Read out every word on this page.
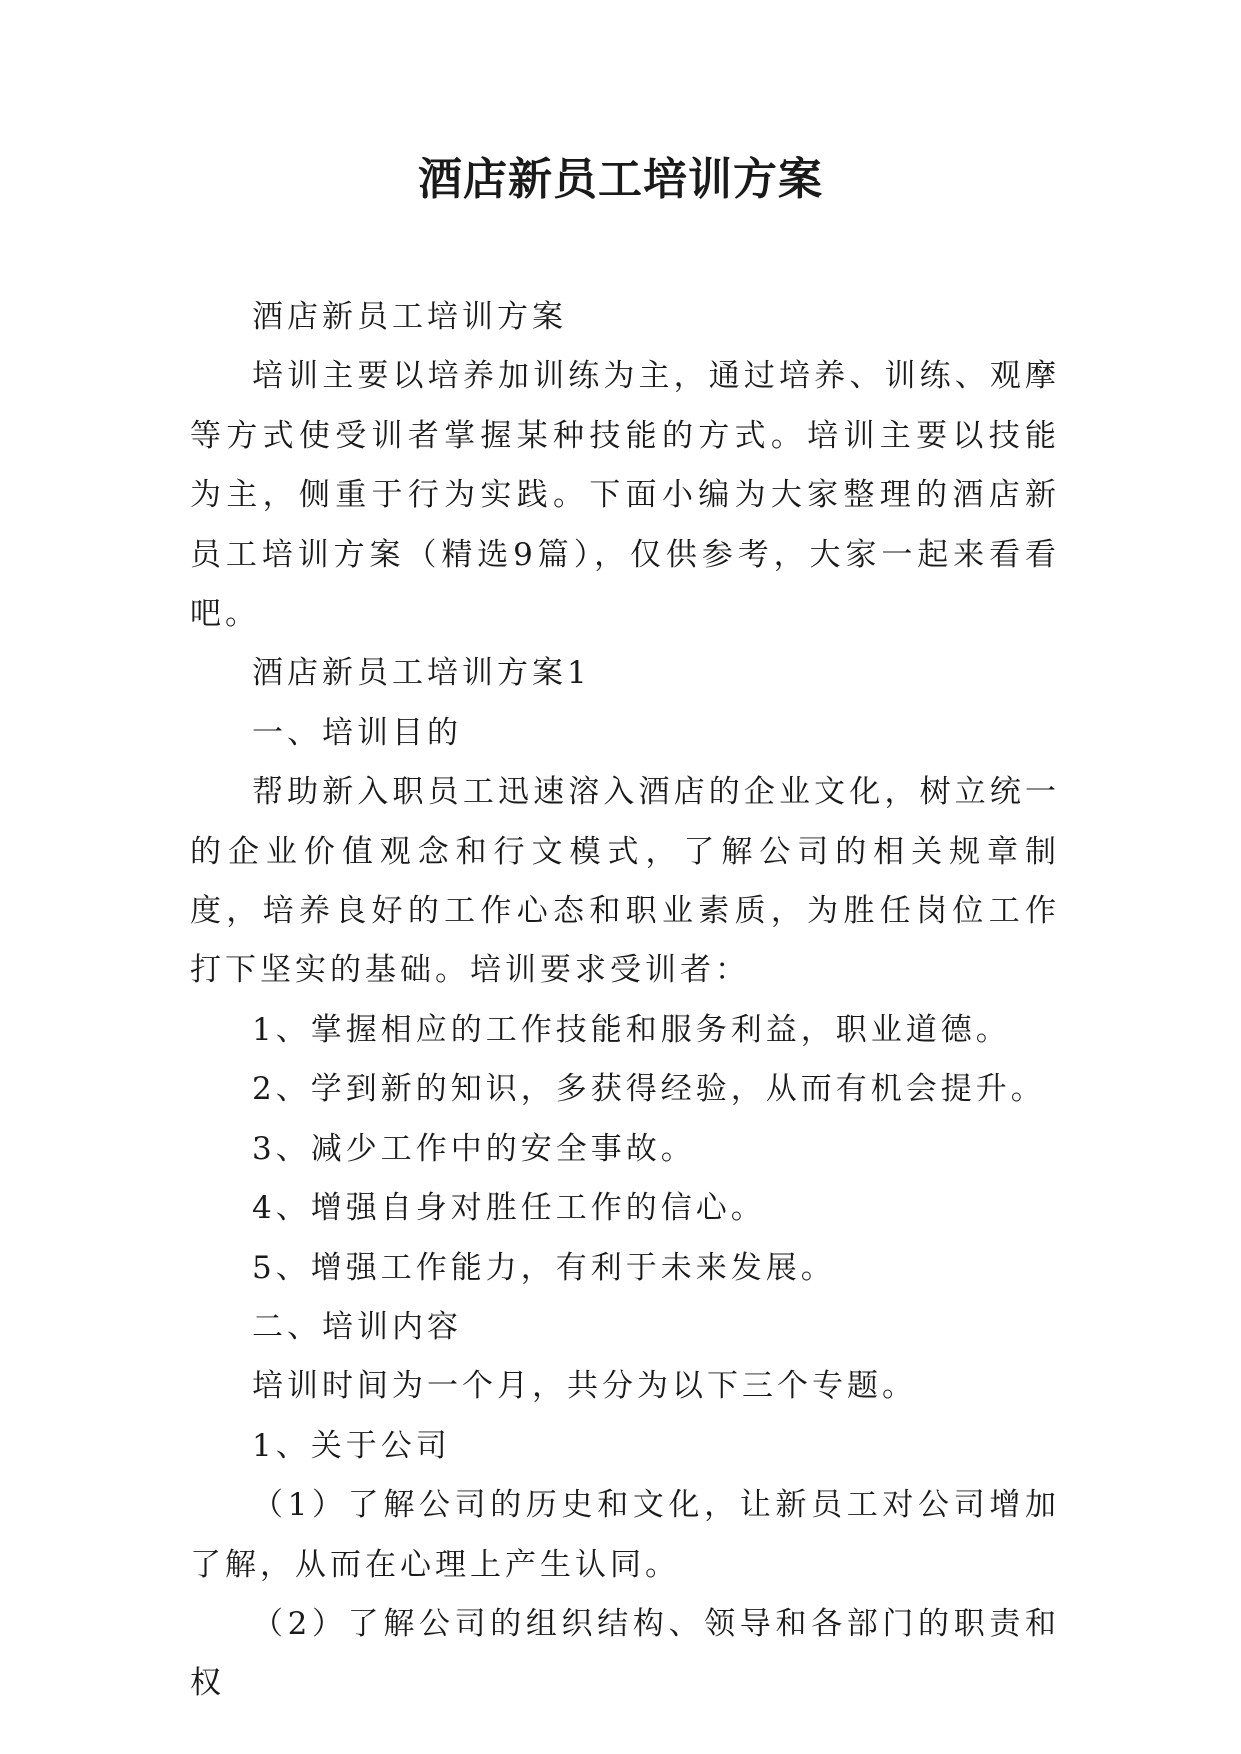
酒店新员工培训方案

酒店新员工培训方案

培训主要以培养加训练为主，通过培养、训练、观摩等方式使受训者掌握某种技能的方式。培训主要以技能为主，侧重于行为实践。下面小编为大家整理的酒店新员工培训方案（精选9篇），仅供参考，大家一起来看看吧。

酒店新员工培训方案1

一、培训目的

帮助新入职员工迅速溶入酒店的企业文化，树立统一的企业价值观念和行文模式，了解公司的相关规章制度，培养良好的工作心态和职业素质，为胜任岗位工作打下坚实的基础。培训要求受训者：

1、掌握相应的工作技能和服务利益，职业道德。

2、学到新的知识，多获得经验，从而有机会提升。

3、减少工作中的安全事故。

4、增强自身对胜任工作的信心。

5、增强工作能力，有利于未来发展。

二、培训内容

培训时间为一个月，共分为以下三个专题。

1、关于公司

（1）了解公司的历史和文化，让新员工对公司增加了解，从而在心理上产生认同。

（2）了解公司的组织结构、领导和各部门的职责和权
